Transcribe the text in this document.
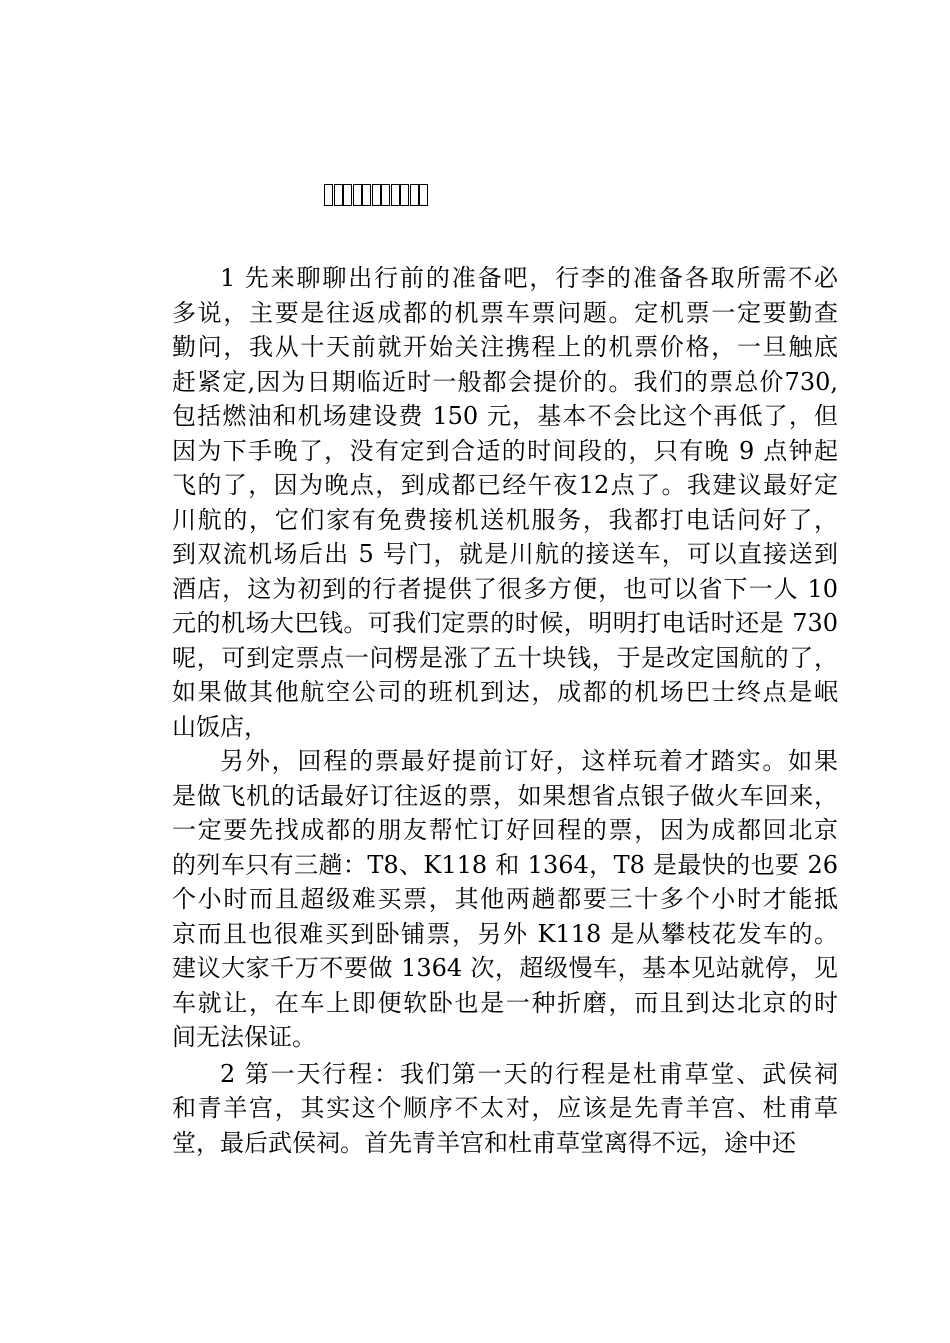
1 先来聊聊出行前的准备吧，行李的准备各取所需不必
多说，主要是往返成都的机票车票问题。定机票一定要勤查
勤问，我从十天前就开始关注携程上的机票价格，一旦触底
赶紧定,因为日期临近时一般都会提价的。我们的票总价730,
包括燃油和机场建设费 150 元，基本不会比这个再低了，但
因为下手晚了，没有定到合适的时间段的，只有晚 9 点钟起
飞的了，因为晚点，到成都已经午夜12点了。我建议最好定
川航的，它们家有免费接机送机服务，我都打电话问好了，
到双流机场后出 5 号门，就是川航的接送车，可以直接送到
酒店，这为初到的行者提供了很多方便，也可以省下一人 10
元的机场大巴钱。可我们定票的时候，明明打电话时还是 730
呢，可到定票点一问楞是涨了五十块钱，于是改定国航的了，
如果做其他航空公司的班机到达，成都的机场巴士终点是岷
山饭店，
另外，回程的票最好提前订好，这样玩着才踏实。如果
是做飞机的话最好订往返的票，如果想省点银子做火车回来，
一定要先找成都的朋友帮忙订好回程的票，因为成都回北京
的列车只有三趟：T8、K118 和 1364，T8 是最快的也要 26
个小时而且超级难买票，其他两趟都要三十多个小时才能抵
京而且也很难买到卧铺票，另外 K118 是从攀枝花发车的。
建议大家千万不要做 1364 次，超级慢车，基本见站就停，见
车就让，在车上即便软卧也是一种折磨，而且到达北京的时
间无法保证。
2 第一天行程：我们第一天的行程是杜甫草堂、武侯祠
和青羊宫，其实这个顺序不太对，应该是先青羊宫、杜甫草
堂，最后武侯祠。首先青羊宫和杜甫草堂离得不远，途中还
